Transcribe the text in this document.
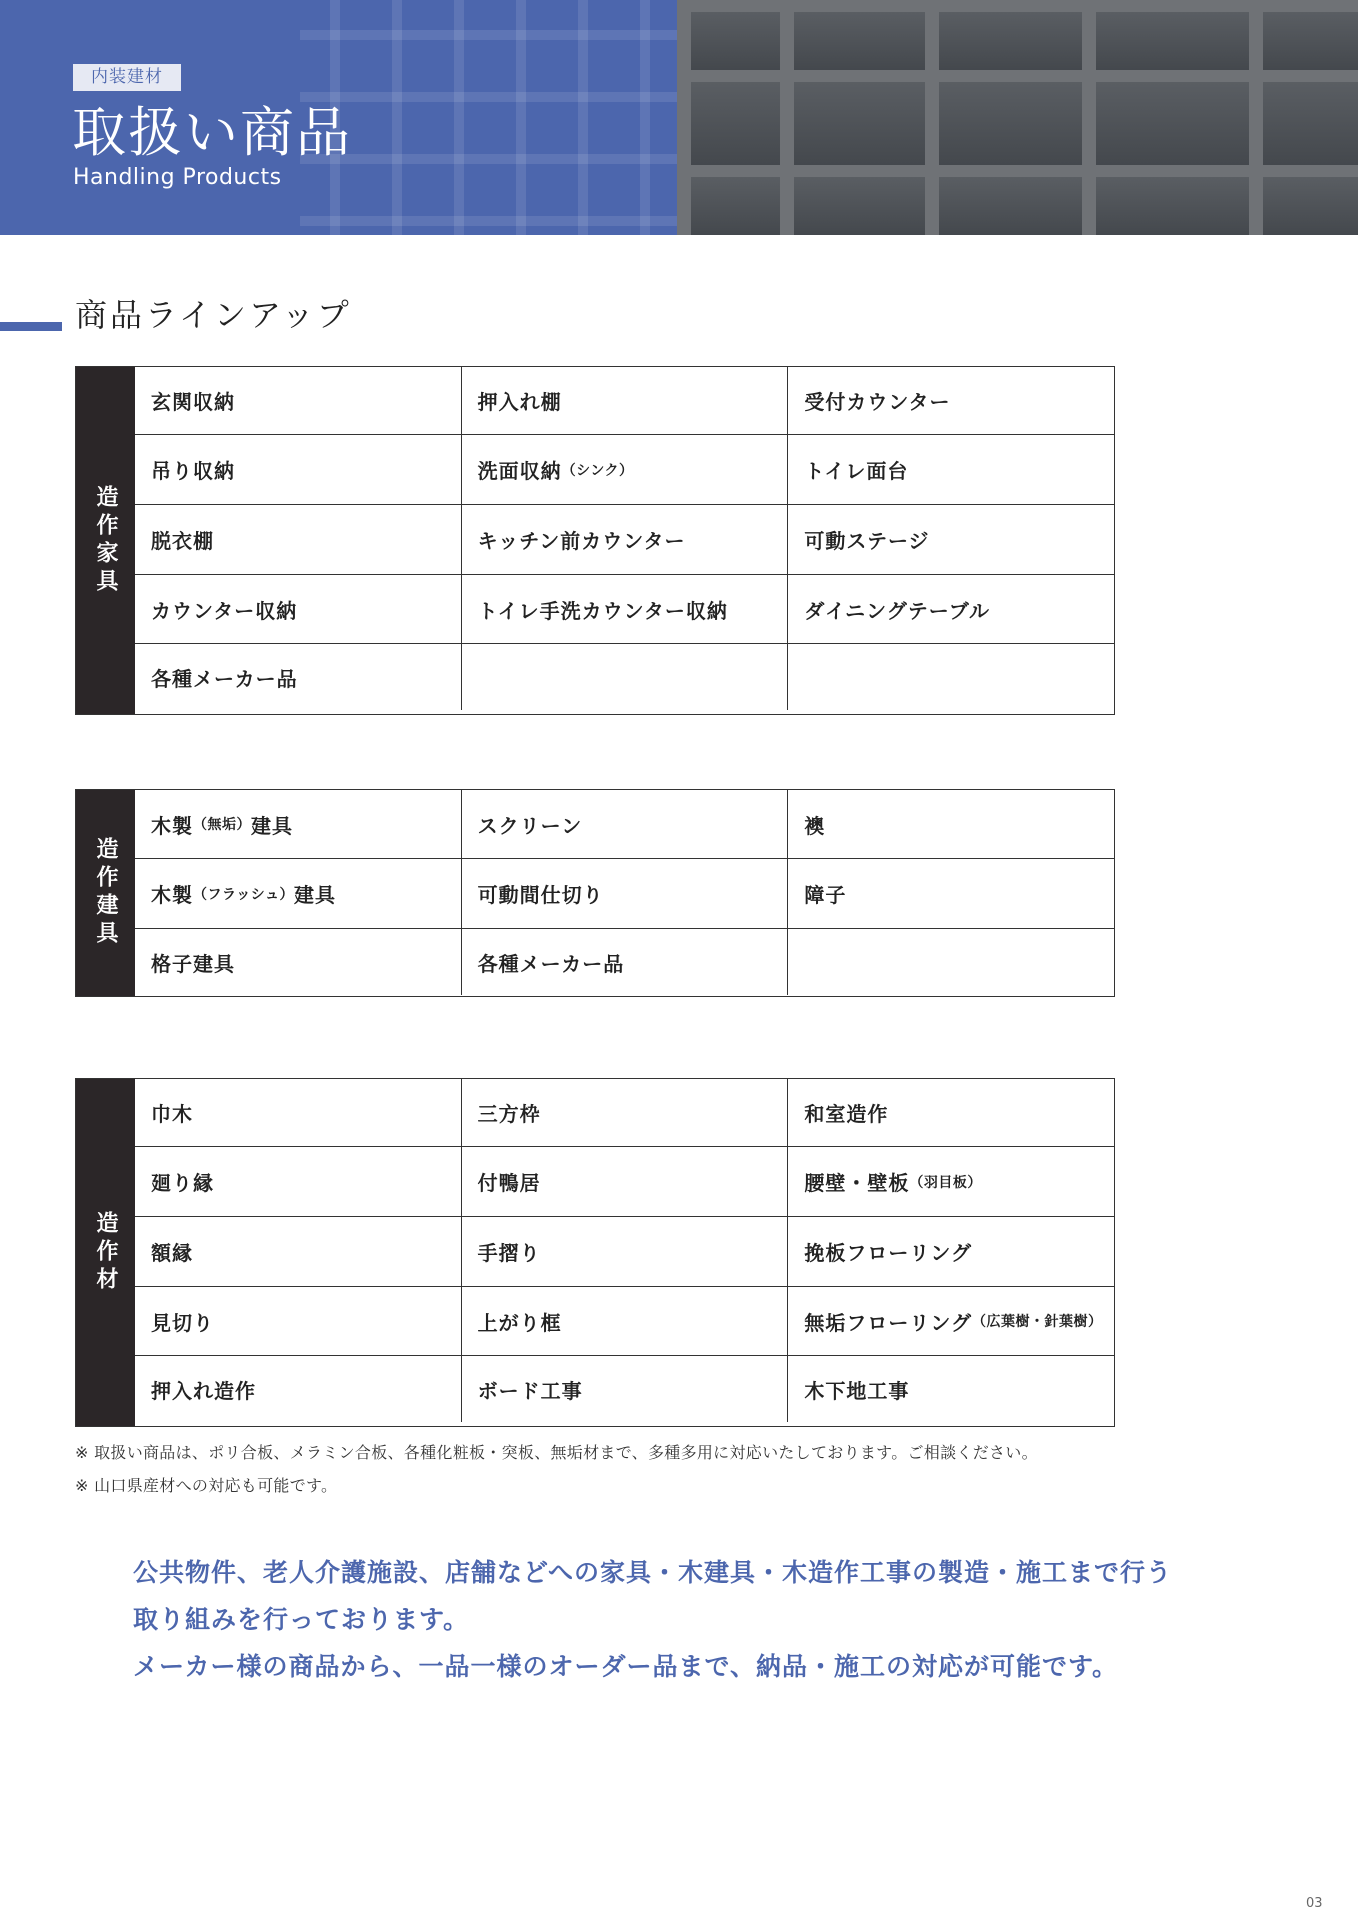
内装建材
取扱い商品
Handling Products
商品ラインアップ
造作家具
玄関収納	押入れ棚	受付カウンター
吊り収納	洗面収納 （シンク）	トイレ面台
脱衣棚	キッチン前カウンター	可動ステージ
カウンター収納	トイレ手洗カウンター収納	ダイニングテーブル
各種メーカー品
造作建具
木製 （無垢） 建具	スクリーン	襖
木製 （フラッシュ） 建具	可動間仕切り	障子
格子建具	各種メーカー品
造作材
巾木	三方枠	和室造作
廻り縁	付鴨居	腰壁・壁板 （羽目板）
額縁	手摺り	挽板フローリング
見切り	上がり框	無垢フローリング （広葉樹・針葉樹）
押入れ造作	ボード工事	木下地工事
※ 取扱い商品は、ポリ合板、メラミン合板、各種化粧板・突板、無垢材まで、多種多用に対応いたしております。ご相談ください。
※ 山口県産材への対応も可能です。
公共物件、老人介護施設、店舗などへの家具・木建具・木造作工事の製造・施工まで行う
取り組みを行っております。
メーカー様の商品から、一品一様のオーダー品まで、納品・施工の対応が可能です。
03
